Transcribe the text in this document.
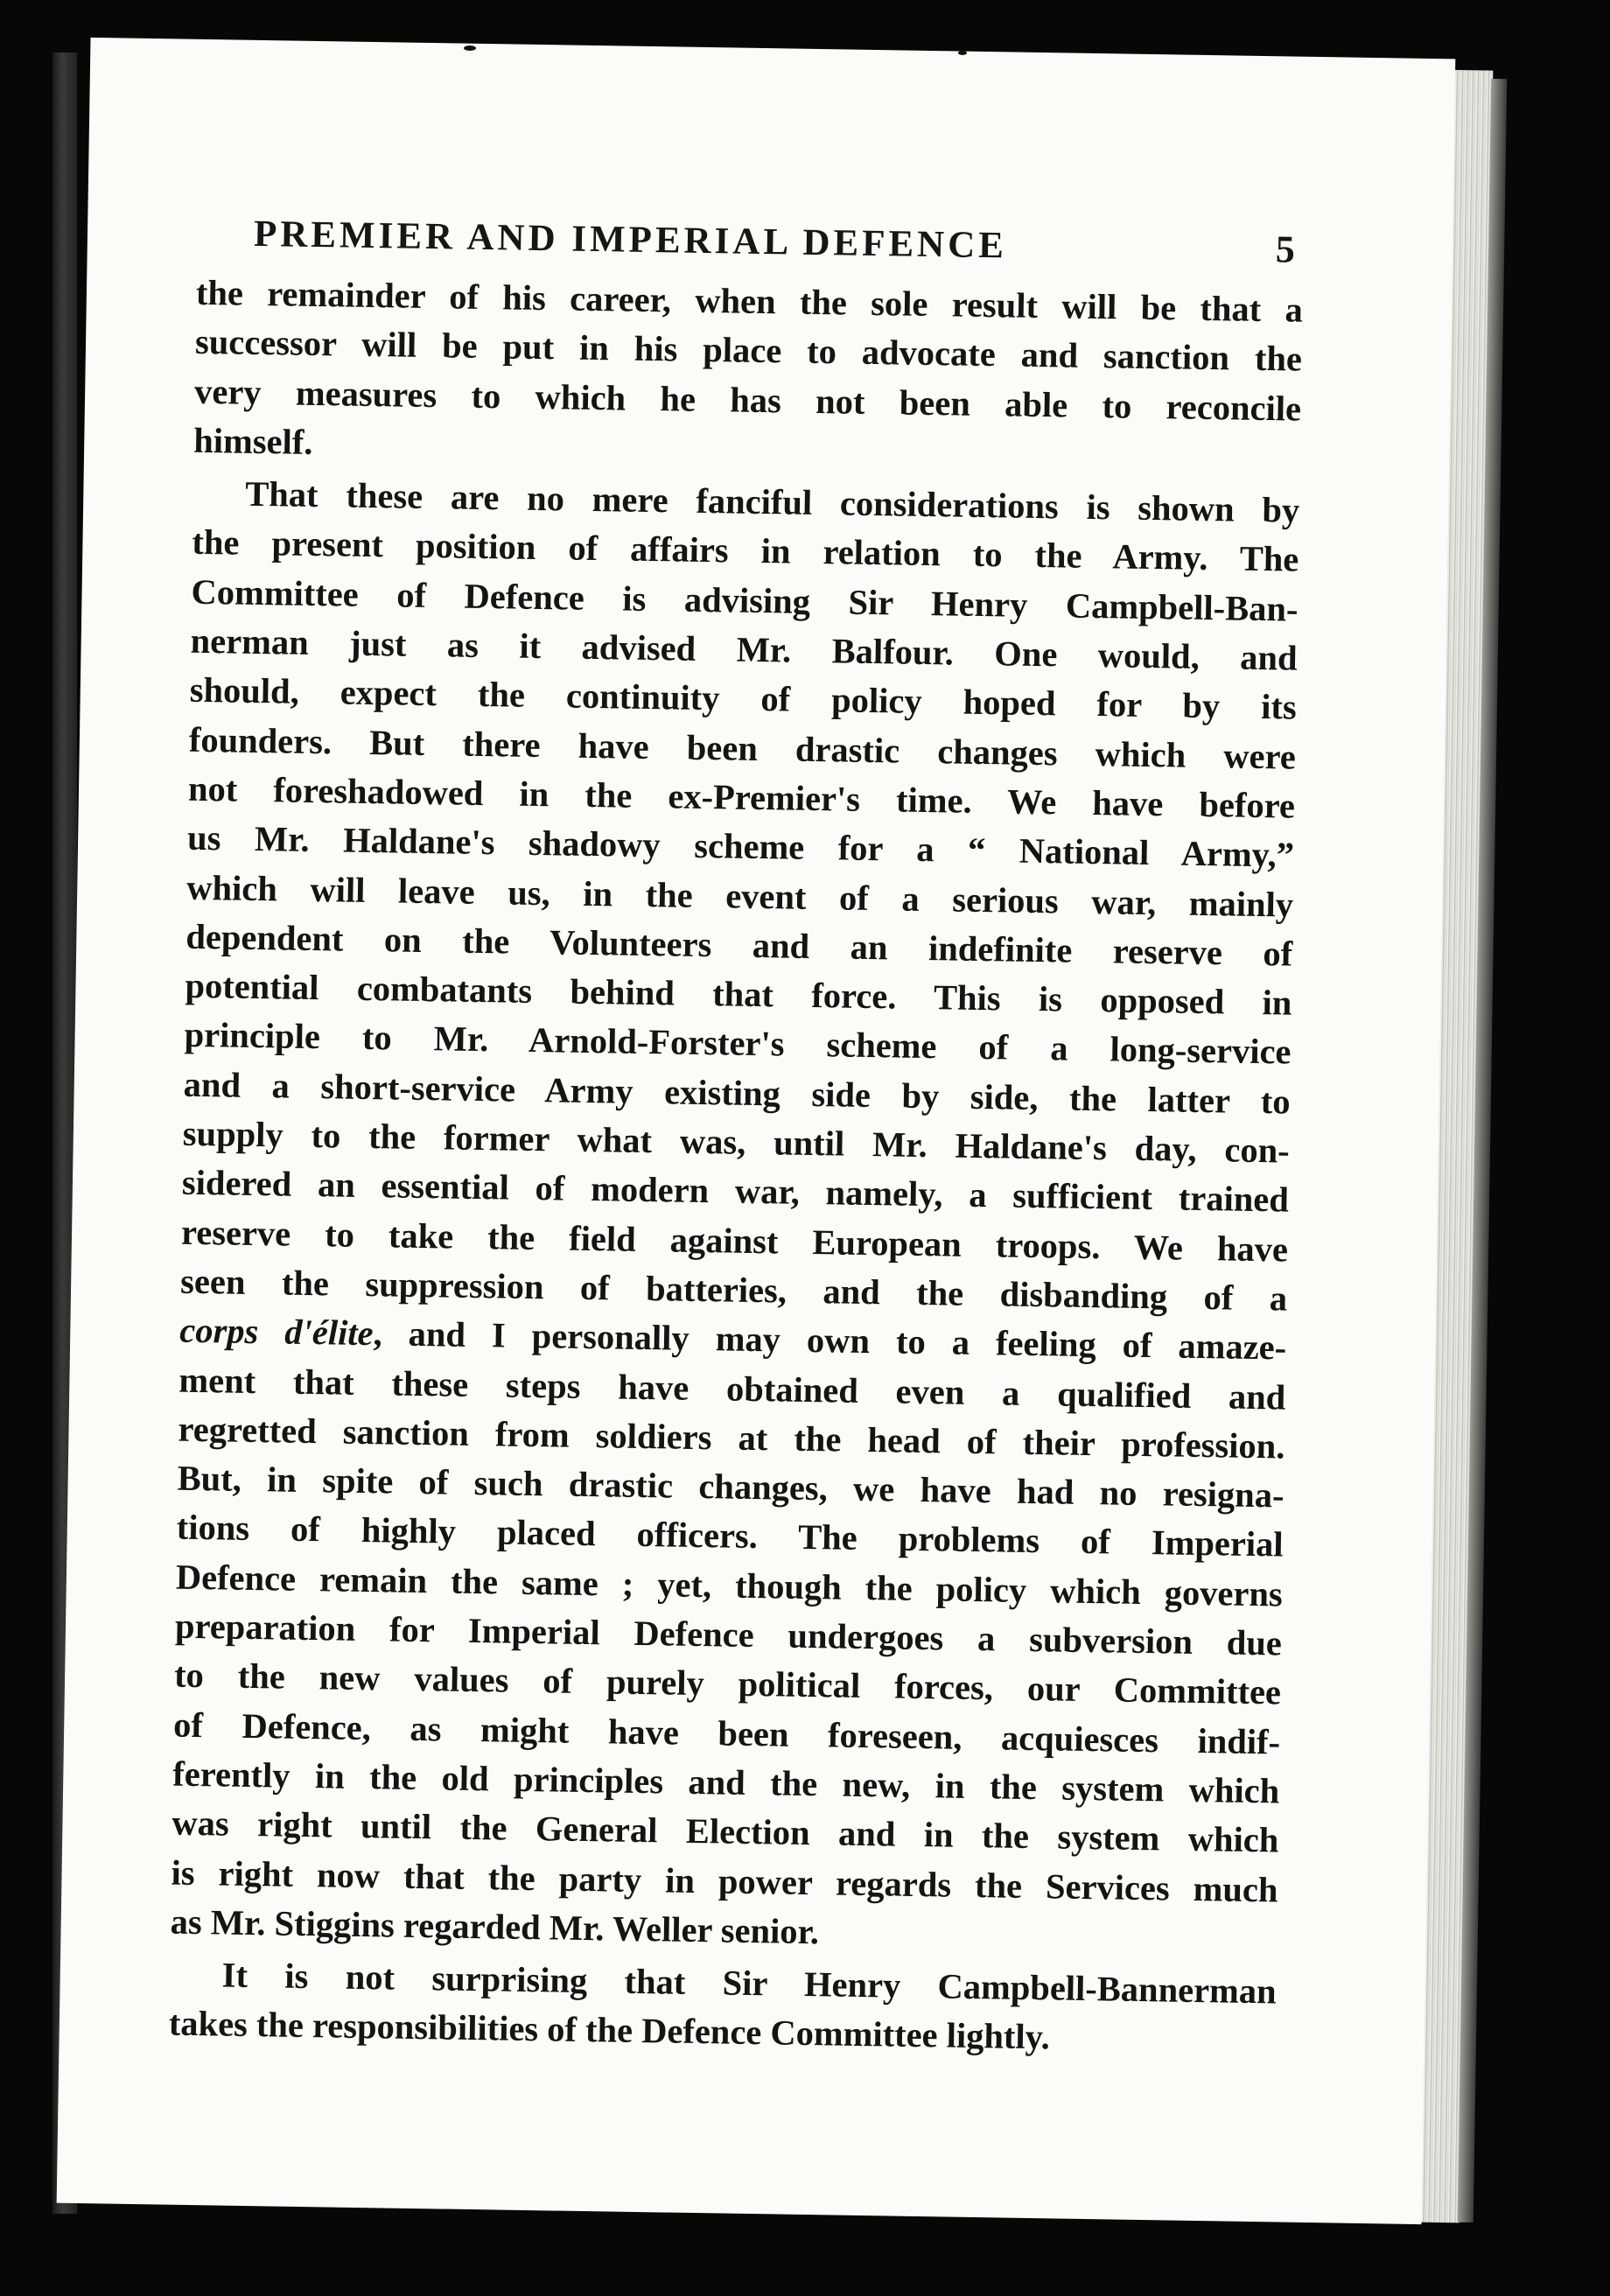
PREMIER AND IMPERIAL DEFENCE	5
the remainder of his career, when the sole result will be that a
successor will be put in his place to advocate and sanction the
very measures to which he has not been able to reconcile
himself.
That these are no mere fanciful considerations is shown by
the present position of affairs in relation to the Army. The
Committee of Defence is advising Sir Henry Campbell-Ban-
nerman just as it advised Mr. Balfour. One would, and
should, expect the continuity of policy hoped for by its
founders. But there have been drastic changes which were
not foreshadowed in the ex-Premier's time. We have before
us Mr. Haldane's shadowy scheme for a “ National Army,”
which will leave us, in the event of a serious war, mainly
dependent on the Volunteers and an indefinite reserve of
potential combatants behind that force. This is opposed in
principle to Mr. Arnold-Forster's scheme of a long-service
and a short-service Army existing side by side, the latter to
supply to the former what was, until Mr. Haldane's day, con-
sidered an essential of modern war, namely, a sufficient trained
reserve to take the field against European troops. We have
seen the suppression of batteries, and the disbanding of a
corps d'élite, and I personally may own to a feeling of amaze-
ment that these steps have obtained even a qualified and
regretted sanction from soldiers at the head of their profession.
But, in spite of such drastic changes, we have had no resigna-
tions of highly placed officers. The problems of Imperial
Defence remain the same ; yet, though the policy which governs
preparation for Imperial Defence undergoes a subversion due
to the new values of purely political forces, our Committee
of Defence, as might have been foreseen, acquiesces indif-
ferently in the old principles and the new, in the system which
was right until the General Election and in the system which
is right now that the party in power regards the Services much
as Mr. Stiggins regarded Mr. Weller senior.
It is not surprising that Sir Henry Campbell-Bannerman
takes the responsibilities of the Defence Committee lightly.
